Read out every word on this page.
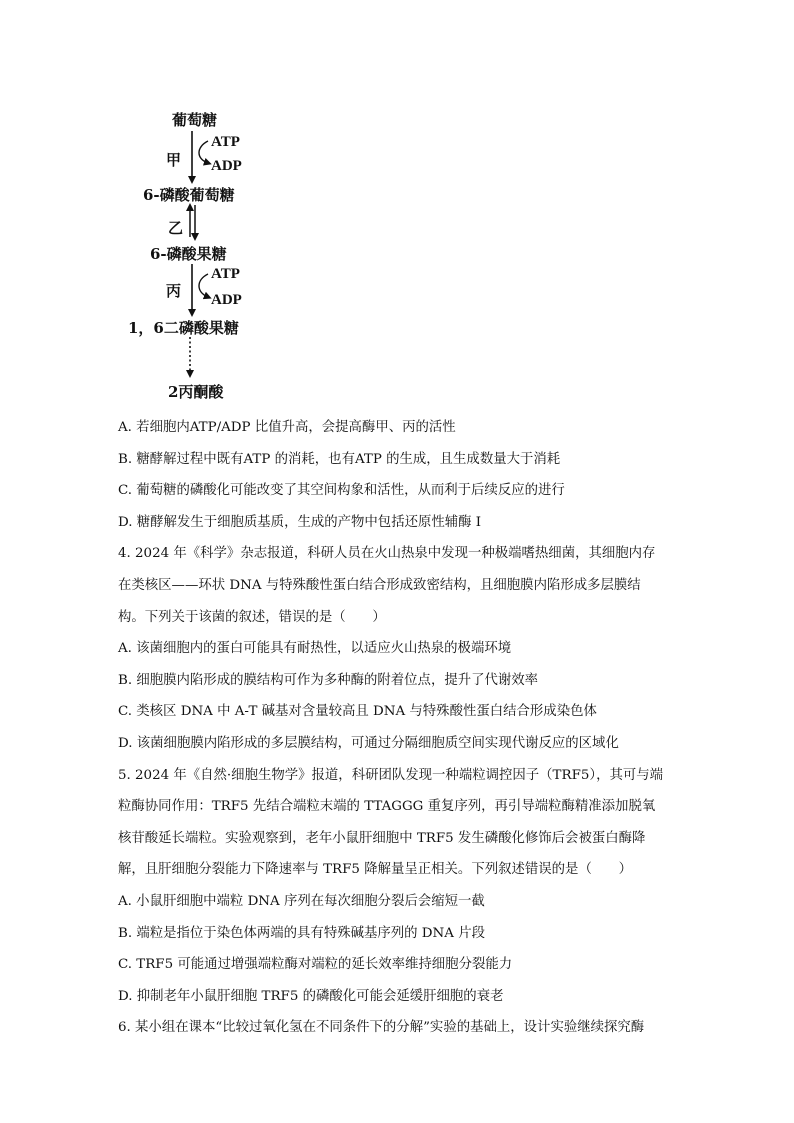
葡萄糖
甲
ATP
ADP
6-磷酸葡萄糖
乙
6-磷酸果糖
丙
ATP
ADP
1，6二磷酸果糖
2丙酮酸

A. 若细胞内ATP/ADP 比值升高，会提高酶甲、丙的活性

B. 糖酵解过程中既有ATP 的消耗，也有ATP 的生成，且生成数量大于消耗

C. 葡萄糖的磷酸化可能改变了其空间构象和活性，从而利于后续反应的进行

D. 糖酵解发生于细胞质基质，生成的产物中包括还原性辅酶 I

4. 2024 年《科学》杂志报道，科研人员在火山热泉中发现一种极端嗜热细菌，其细胞内存

在类核区——环状 DNA 与特殊酸性蛋白结合形成致密结构，且细胞膜内陷形成多层膜结

构。下列关于该菌的叙述，错误的是（　　）

A. 该菌细胞内的蛋白可能具有耐热性，以适应火山热泉的极端环境

B. 细胞膜内陷形成的膜结构可作为多种酶的附着位点，提升了代谢效率

C. 类核区 DNA 中 A-T 碱基对含量较高且 DNA 与特殊酸性蛋白结合形成染色体

D. 该菌细胞膜内陷形成的多层膜结构，可通过分隔细胞质空间实现代谢反应的区域化

5. 2024 年《自然·细胞生物学》报道，科研团队发现一种端粒调控因子（TRF5），其可与端

粒酶协同作用：TRF5 先结合端粒末端的 TTAGGG 重复序列，再引导端粒酶精准添加脱氧

核苷酸延长端粒。实验观察到，老年小鼠肝细胞中 TRF5 发生磷酸化修饰后会被蛋白酶降

解，且肝细胞分裂能力下降速率与 TRF5 降解量呈正相关。下列叙述错误的是（　　）

A. 小鼠肝细胞中端粒 DNA 序列在每次细胞分裂后会缩短一截

B. 端粒是指位于染色体两端的具有特殊碱基序列的 DNA 片段

C. TRF5 可能通过增强端粒酶对端粒的延长效率维持细胞分裂能力

D. 抑制老年小鼠肝细胞 TRF5 的磷酸化可能会延缓肝细胞的衰老

6. 某小组在课本“比较过氧化氢在不同条件下的分解”实验的基础上，设计实验继续探究酶
